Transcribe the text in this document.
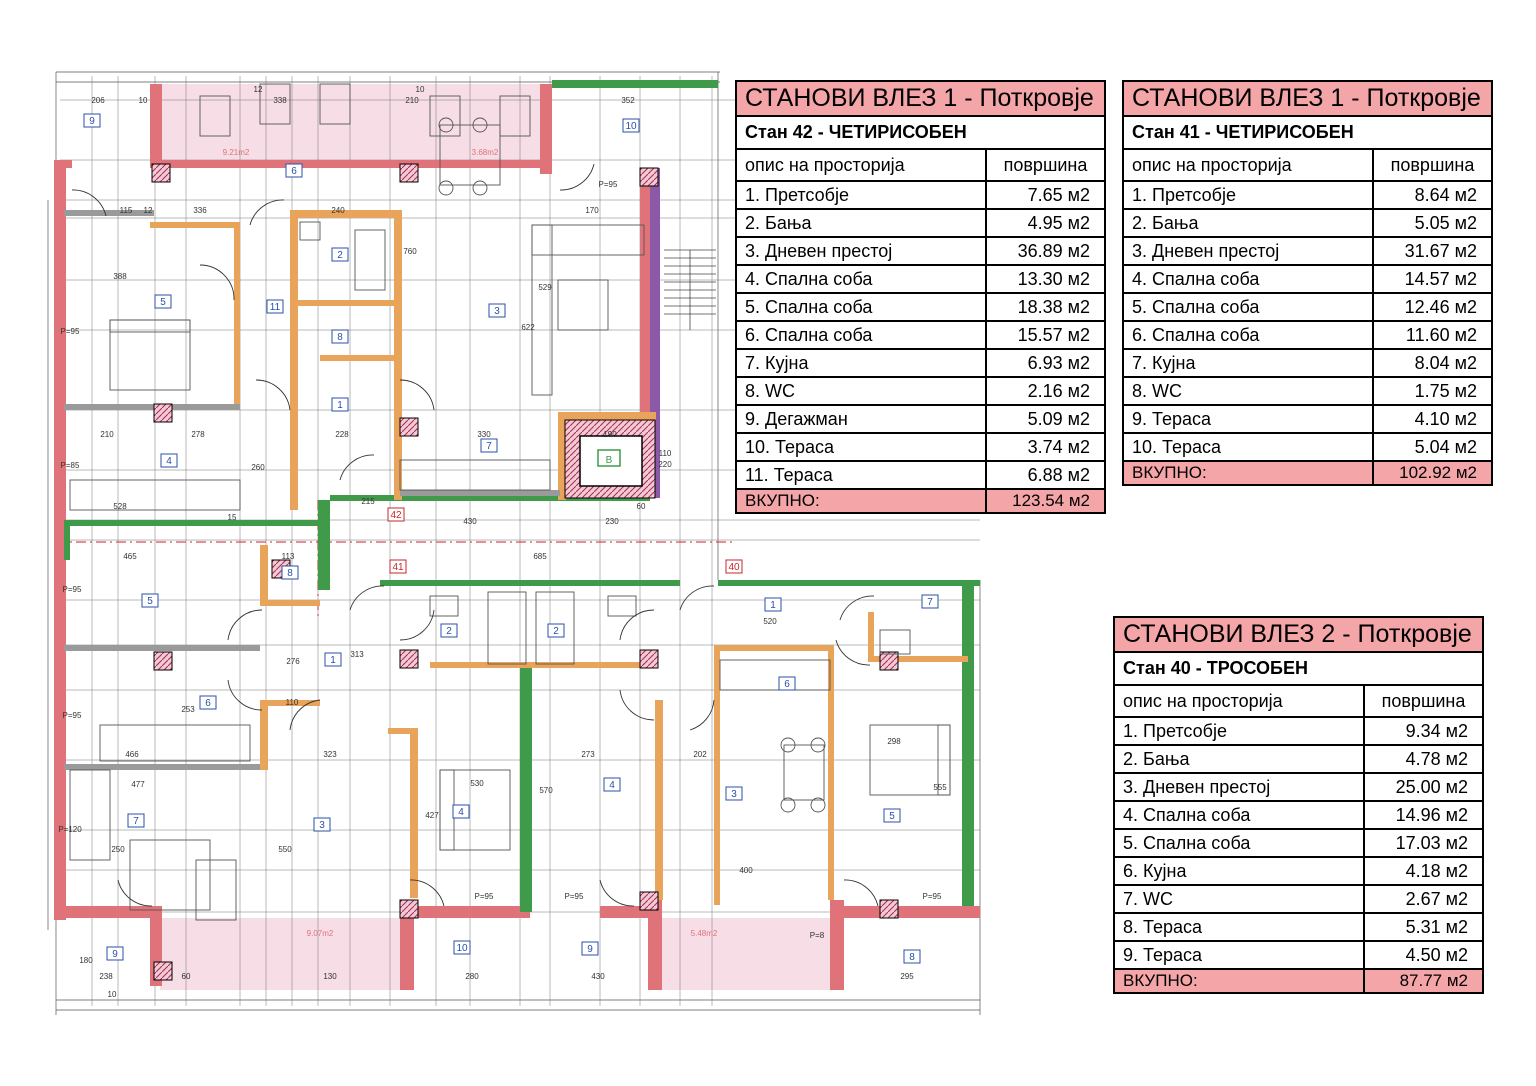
B
42
41	40
9
6
10
5	11
2
8
3
1
4
7
8
5
6
1
2
7	3
9
10
4
1
2
7
6
3
4
5
8
9
9.21m2	3.68m2
9.07m2	5.48m2
206	10	338
12
210
10
352
115 12	336	240
388
528
622
760
529
210	278	228	330
170
190
110
220
430	230
60
465	113	685
520
215
15
253
466
477
250	550
323	273	202
298
110
260
313
276
238	60	280	430
400
295
130
10
180
427
530
570	555
P=95
P=95
P=85
P=95
P=95
P=120
P=95	P=95	P=95
P=8
СТАНОВИ ВЛЕЗ 1 - Поткровје	
Стан 42 - ЧЕТИРИСОБЕН	
опис на просторија	површина
1. Претсобје	7.65 м2
2. Бања	4.95 м2
3. Дневен престој	36.89 м2
4. Спална соба	13.30 м2
5. Спална соба	18.38 м2
6. Спална соба	15.57 м2
7. Кујна	6.93 м2
8. WC	2.16 м2
9. Дегажман	5.09 м2
10. Тераса	3.74 м2
11. Тераса	6.88 м2
ВКУПНО:	123.54 м2
СТАНОВИ ВЛЕЗ 1 - Поткровје	
Стан 41 - ЧЕТИРИСОБЕН	
опис на просторија	површина
1. Претсобје	8.64 м2
2. Бања	5.05 м2
3. Дневен престој	31.67 м2
4. Спална соба	14.57 м2
5. Спална соба	12.46 м2
6. Спална соба	11.60 м2
7. Кујна	8.04 м2
8. WC	1.75 м2
9. Тераса	4.10 м2
10. Тераса	5.04 м2
ВКУПНО:	102.92 м2
СТАНОВИ ВЛЕЗ 2 - Поткровје	
Стан 40 - ТРОСОБЕН	
опис на просторија	површина
1. Претсобје	9.34 м2
2. Бања	4.78 м2
3. Дневен престој	25.00 м2
4. Спална соба	14.96 м2
5. Спална соба	17.03 м2
6. Кујна	4.18 м2
7. WC	2.67 м2
8. Тераса	5.31 м2
9. Тераса	4.50 м2
ВКУПНО:	87.77 м2
